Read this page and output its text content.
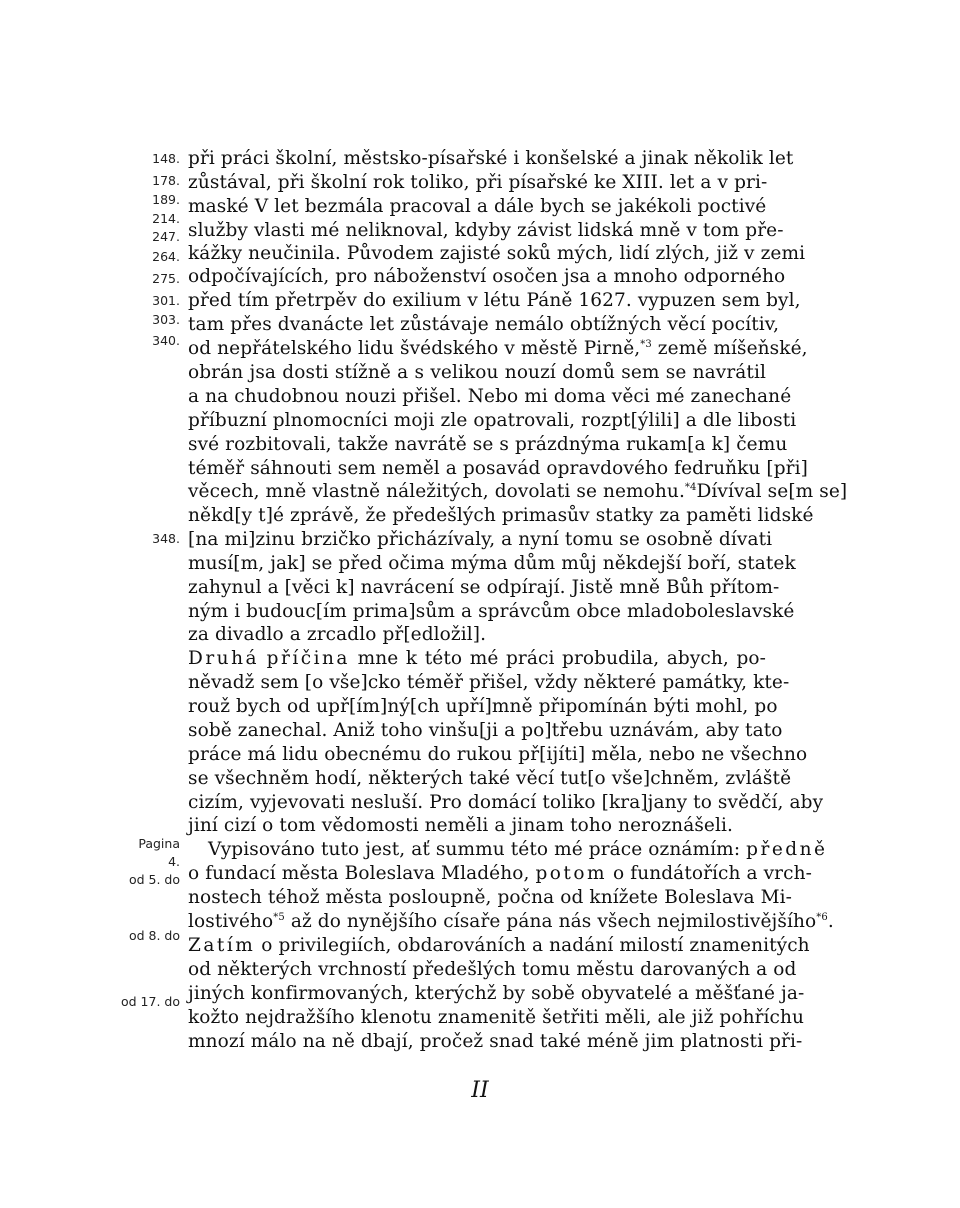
148.
178.
189.
214.
247.
264.
275.
301.
303.
340.
348.
Pagina
4.
od 5. do
od 8. do
od 17. do
při práci školní, městsko-písařské i konšelské a jinak několik let
zůstával, při školní rok toliko, při písařské ke XIII. let a v pri-
maské V let bezmála pracoval a dále bych se jakékoli poctivé
služby vlasti mé neliknoval, kdyby závist lidská mně v tom pře-
kážky neučinila. Původem zajisté soků mých, lidí zlých, již v zemi
odpočívajících, pro náboženství osočen jsa a mnoho odporného
před tím přetrpěv do exilium v létu Páně 1627. vypuzen sem byl,
tam přes dvanácte let zůstávaje nemálo obtížných věcí pocítiv,
od nepřátelského lidu švédského v městě Pirně,$^{*3}$ země míšeňské,
obrán jsa dosti stížně a s velikou nouzí domů sem se navrátil
a na chudobnou nouzi přišel. Nebo mi doma věci mé zanechané
příbuzní plnomocníci moji zle opatrovali, rozpt[ýlili] a dle libosti
své rozbitovali, takže navrátě se s prázdnýma rukam[a k] čemu
téměř sáhnouti sem neměl a posavád opravdového fedruňku [při]
věcech, mně vlastně náležitých, dovolati se nemohu.$^{*4}$Dívíval se[m se]
někd[y t]é zprávě, že předešlých primasův statky za paměti lidské
[na mi]zinu brzičko přicházívaly, a nyní tomu se osobně dívati
musí[m, jak] se před očima mýma dům můj někdejší boří, statek
zahynul a [věci k] navrácení se odpírají. Jistě mně Bůh přítom-
ným i budouc[ím prima]sům a správcům obce mladoboleslavské
za divadlo a zrcadlo př[edložil].
Druhá příčina mne k této mé práci probudila, abych, po-
něvadž sem [o vše]cko téměř přišel, vždy některé památky, kte-
rouž bych od upř[ím]ný[ch upří]mně připomínán býti mohl, po
sobě zanechal. Aniž toho vinšu[ji a po]třebu uznávám, aby tato
práce má lidu obecnému do rukou př[ijíti] měla, nebo ne všechno
se všechněm hodí, některých také věcí tut[o vše]chněm, zvláště
cizím, vyjevovati nesluší. Pro domácí toliko [kra]jany to svědčí, aby
jiní cizí o tom vědomosti neměli a jinam toho neroznášeli.
Vypisováno tuto jest, ať summu této mé práce oznámím: předně
o fundací města Boleslava Mladého, potom o fundátořích a vrch-
nostech téhož města posloupně, počna od knížete Boleslava Mi-
lostivého$^{*5}$ až do nynějšího císaře pána nás všech nejmilostivějšího$^{*6}$.
Zatím o privilegiích, obdarováních a nadání milostí znamenitých
od některých vrchností předešlých tomu městu darovaných a od
jiných konfirmovaných, kterýchž by sobě obyvatelé a měšťané ja-
kožto nejdražšího klenotu znamenitě šetřiti měli, ale již pohříchu
mnozí málo na ně dbají, pročež snad také méně jim platnosti při-
II
